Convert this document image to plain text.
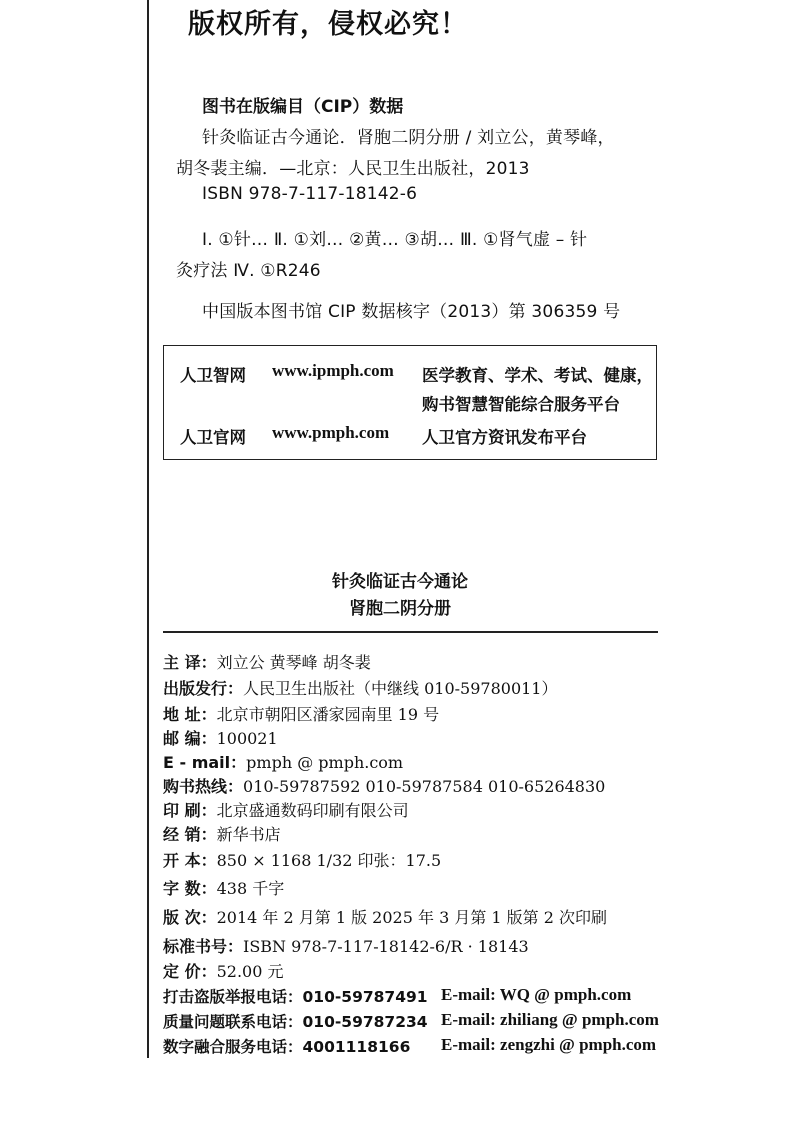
版权所有，侵权必究！
图书在版编目（CIP）数据
针灸临证古今通论．肾胞二阴分册 / 刘立公，黄琴峰，
胡冬裴主编．—北京：人民卫生出版社，2013
ISBN 978-7-117-18142-6
Ⅰ. ①针… Ⅱ. ①刘… ②黄… ③胡… Ⅲ. ①肾气虚 – 针
灸疗法 Ⅳ. ①R246
中国版本图书馆 CIP 数据核字（2013）第 306359 号
人卫智网 www.ipmph.com 医学教育、学术、考试、健康，
购书智慧智能综合服务平台
人卫官网 www.pmph.com 人卫官方资讯发布平台
针灸临证古今通论
肾胞二阴分册
主 译：刘立公 黄琴峰 胡冬裴
出版发行：人民卫生出版社（中继线 010-59780011）
地 址：北京市朝阳区潘家园南里 19 号
邮 编：100021
E - mail：pmph @ pmph.com
购书热线：010-59787592 010-59787584 010-65264830
印 刷：北京盛通数码印刷有限公司
经 销：新华书店
开 本：850 × 1168 1/32 印张：17.5
字 数：438 千字
版 次：2014 年 2 月第 1 版 2025 年 3 月第 1 版第 2 次印刷
标准书号：ISBN 978-7-117-18142-6/R · 18143
定 价：52.00 元
打击盗版举报电话：010-59787491 E-mail: WQ @ pmph.com
质量问题联系电话：010-59787234 E-mail: zhiliang @ pmph.com
数字融合服务电话：4001118166 E-mail: zengzhi @ pmph.com
